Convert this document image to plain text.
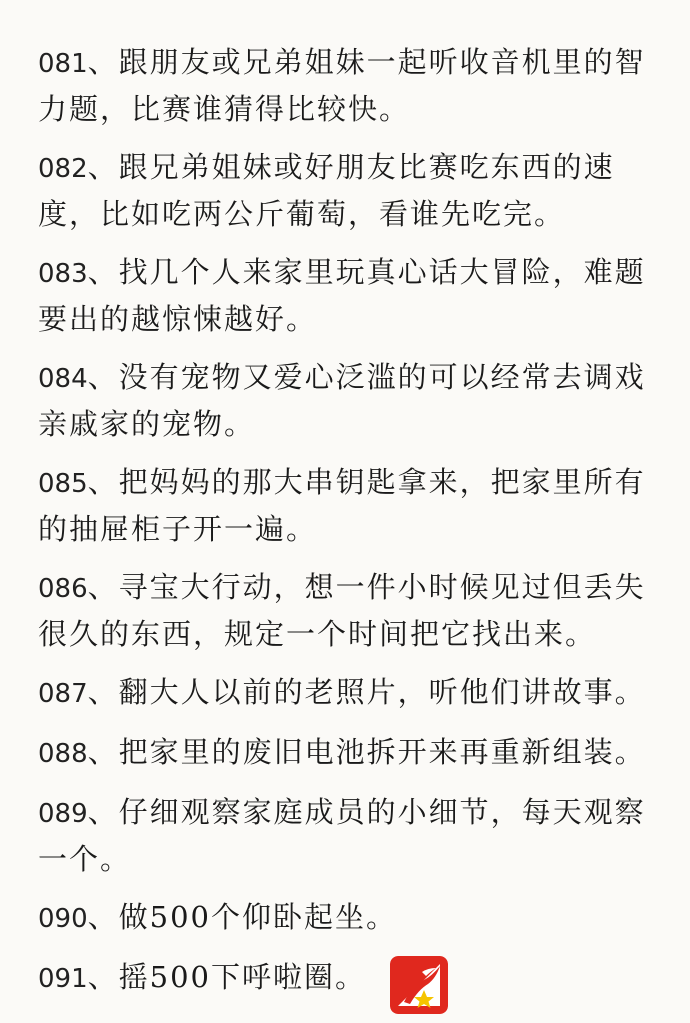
081、跟朋友或兄弟姐妹一起听收音机里的智力题，比赛谁猜得比较快。
082、跟兄弟姐妹或好朋友比赛吃东西的速度，比如吃两公斤葡萄，看谁先吃完。
083、找几个人来家里玩真心话大冒险，难题要出的越惊悚越好。
084、没有宠物又爱心泛滥的可以经常去调戏亲戚家的宠物。
085、把妈妈的那大串钥匙拿来，把家里所有的抽屉柜子开一遍。
086、寻宝大行动，想一件小时候见过但丢失很久的东西，规定一个时间把它找出来。
087、翻大人以前的老照片，听他们讲故事。
088、把家里的废旧电池拆开来再重新组装。
089、仔细观察家庭成员的小细节，每天观察一个。
090、做500个仰卧起坐。
091、摇500下呼啦圈。
